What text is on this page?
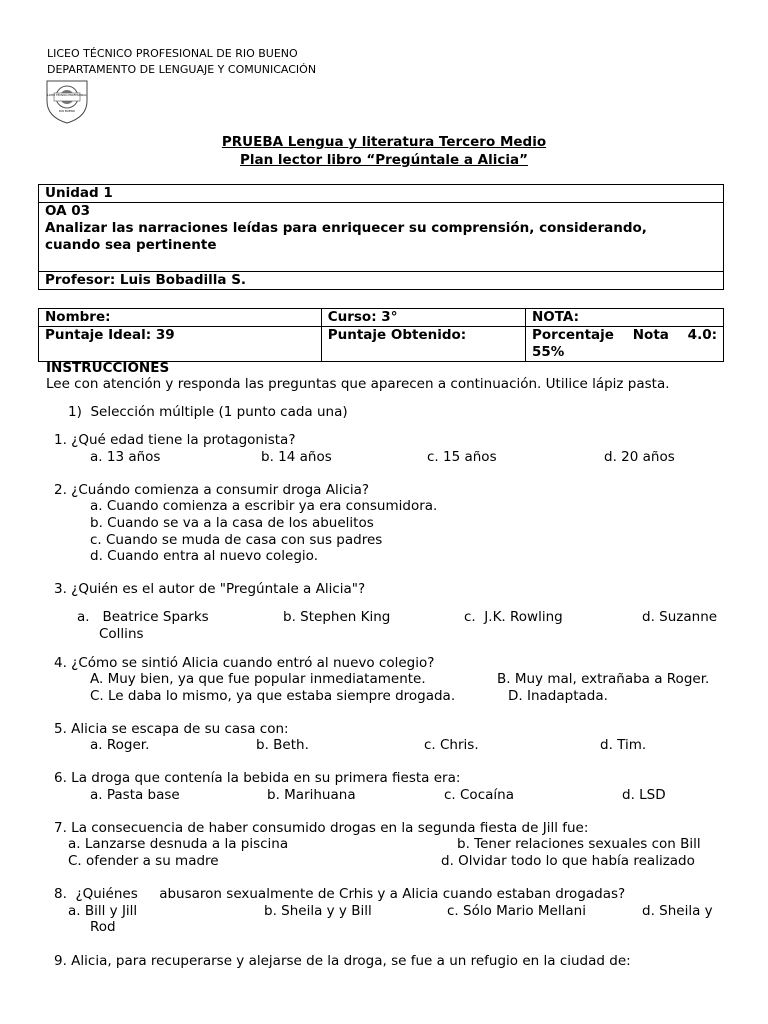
LICEO TÉCNICO PROFESIONAL DE RIO BUENO
DEPARTAMENTO DE LENGUAJE Y COMUNICACIÓN
LICEO TÉCNICO PROFESIONAL
RIO BUENO
PRUEBA Lengua y literatura Tercero Medio
Plan lector libro “Pregúntale a Alicia”
Unidad 1

OA 03
Analizar las narraciones leídas para enriquecer su comprensión, considerando,
cuando sea pertinente

Profesor: Luis Bobadilla S.
Nombre:	Curso: 3°	NOTA:
Puntaje Ideal: 39	Puntaje Obtenido:	Porcentaje    Nota    4.0:
55%
INSTRUCCIONES
Lee con atención y responda las preguntas que aparecen a continuación. Utilice lápiz pasta.
1)  Selección múltiple (1 punto cada una)
1. ¿Qué edad tiene la protagonista?
a. 13 años	b. 14 años	c. 15 años	d. 20 años
2. ¿Cuándo comienza a consumir droga Alicia?
a. Cuando comienza a escribir ya era consumidora.
b. Cuando se va a la casa de los abuelitos
c. Cuando se muda de casa con sus padres
d. Cuando entra al nuevo colegio.
3. ¿Quién es el autor de "Pregúntale a Alicia"?
a.   Beatrice Sparks	b. Stephen King	c.  J.K. Rowling	d. Suzanne
Collins
4. ¿Cómo se sintió Alicia cuando entró al nuevo colegio?
A. Muy bien, ya que fue popular inmediatamente.	B. Muy mal, extrañaba a Roger.
C. Le daba lo mismo, ya que estaba siempre drogada.	D. Inadaptada.
5. Alicia se escapa de su casa con:
a. Roger.	b. Beth.	c. Chris.	d. Tim.
6. La droga que contenía la bebida en su primera fiesta era:
a. Pasta base	b. Marihuana	c. Cocaína	d. LSD
7. La consecuencia de haber consumido drogas en la segunda fiesta de Jill fue:
a. Lanzarse desnuda a la piscina	b. Tener relaciones sexuales con Bill
C. ofender a su madre	d. Olvidar todo lo que había realizado
8.  ¿Quiénes     abusaron sexualmente de Crhis y a Alicia cuando estaban drogadas?
a. Bill y Jill	b. Sheila y y Bill	c. Sólo Mario Mellani	d. Sheila y
Rod
9. Alicia, para recuperarse y alejarse de la droga, se fue a un refugio en la ciudad de:
